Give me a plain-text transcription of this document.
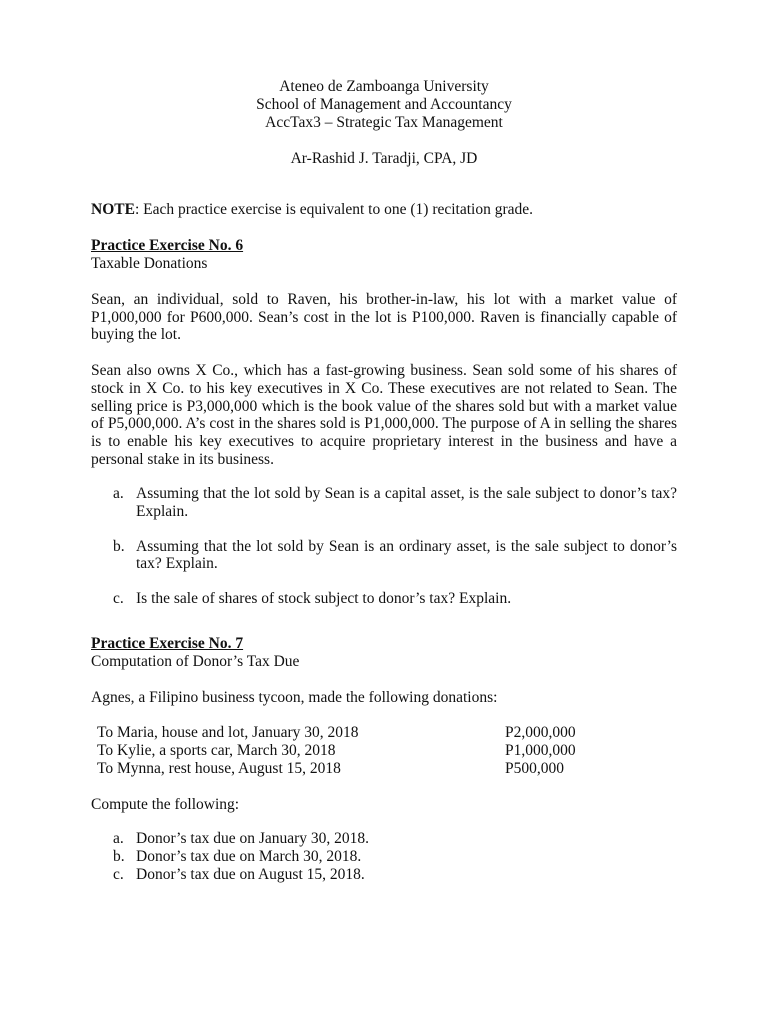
Ateneo de Zamboanga University
School of Management and Accountancy
AccTax3 – Strategic Tax Management
Ar-Rashid J. Taradji, CPA, JD
NOTE: Each practice exercise is equivalent to one (1) recitation grade.
Practice Exercise No. 6
Taxable Donations

Sean, an individual, sold to Raven, his brother-in-law, his lot with a market value of P1,000,000 for P600,000. Sean’s cost in the lot is P100,000. Raven is financially capable of buying the lot.

Sean also owns X Co., which has a fast-growing business. Sean sold some of his shares of stock in X Co. to his key executives in X Co. These executives are not related to Sean. The selling price is P3,000,000 which is the book value of the shares sold but with a market value of P5,000,000. A’s cost in the shares sold is P1,000,000. The purpose of A in selling the shares is to enable his key executives to acquire proprietary interest in the business and have a personal stake in its business.

a. Assuming that the lot sold by Sean is a capital asset, is the sale subject to donor’s tax? Explain.
b. Assuming that the lot sold by Sean is an ordinary asset, is the sale subject to donor’s tax? Explain.
c. Is the sale of shares of stock subject to donor’s tax? Explain.
Practice Exercise No. 7
Computation of Donor’s Tax Due

Agnes, a Filipino business tycoon, made the following donations:

To Maria, house and lot, January 30, 2018	P2,000,000
To Kylie, a sports car, March 30, 2018	P1,000,000
To Mynna, rest house, August 15, 2018	P500,000
Compute the following:
a. Donor’s tax due on January 30, 2018.
b. Donor’s tax due on March 30, 2018.
c. Donor’s tax due on August 15, 2018.
